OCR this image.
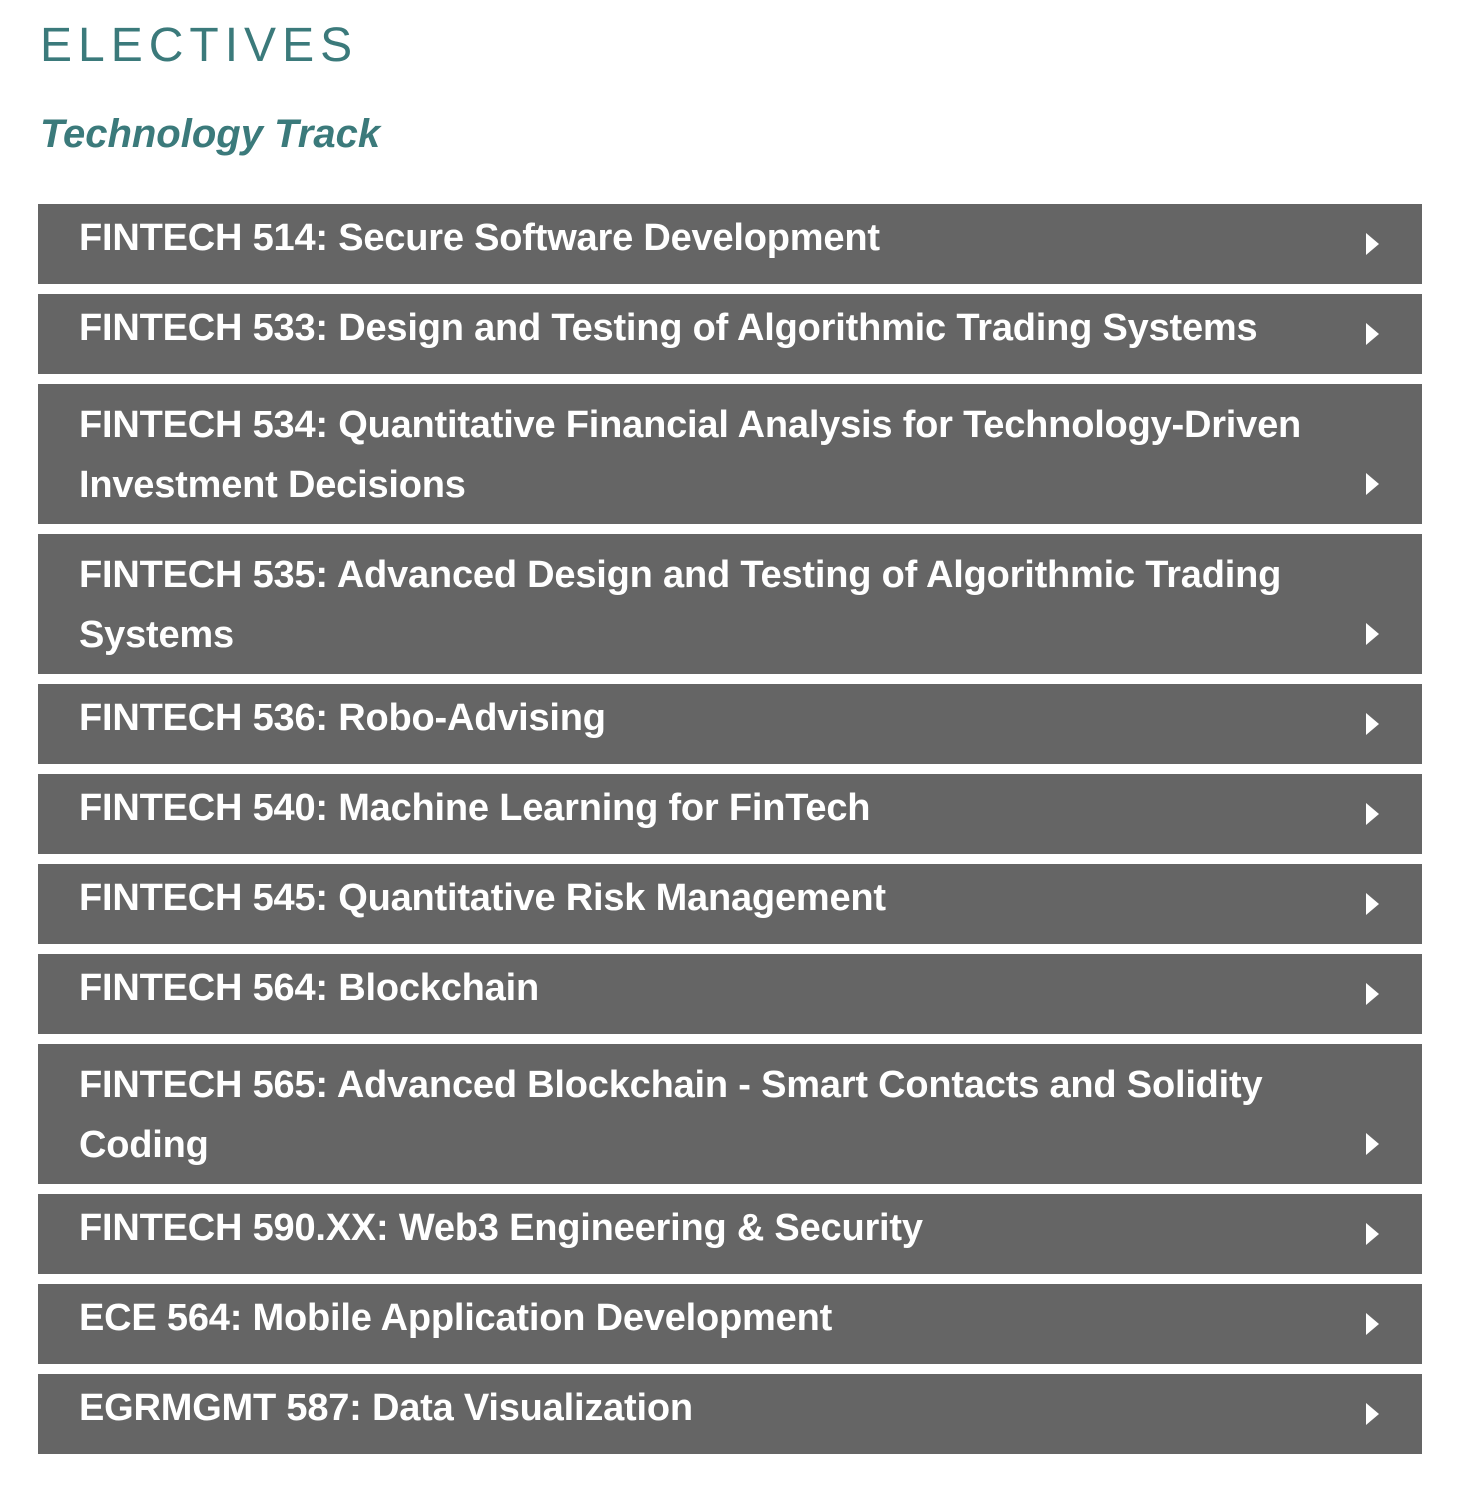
ELECTIVES
Technology Track
FINTECH 514: Secure Software Development
FINTECH 533: Design and Testing of Algorithmic Trading Systems
FINTECH 534: Quantitative Financial Analysis for Technology-Driven Investment Decisions
FINTECH 535: Advanced Design and Testing of Algorithmic Trading Systems
FINTECH 536: Robo-Advising
FINTECH 540: Machine Learning for FinTech
FINTECH 545: Quantitative Risk Management
FINTECH 564: Blockchain
FINTECH 565: Advanced Blockchain - Smart Contacts and Solidity Coding
FINTECH 590.XX: Web3 Engineering & Security
ECE 564: Mobile Application Development
EGRMGMT 587: Data Visualization
